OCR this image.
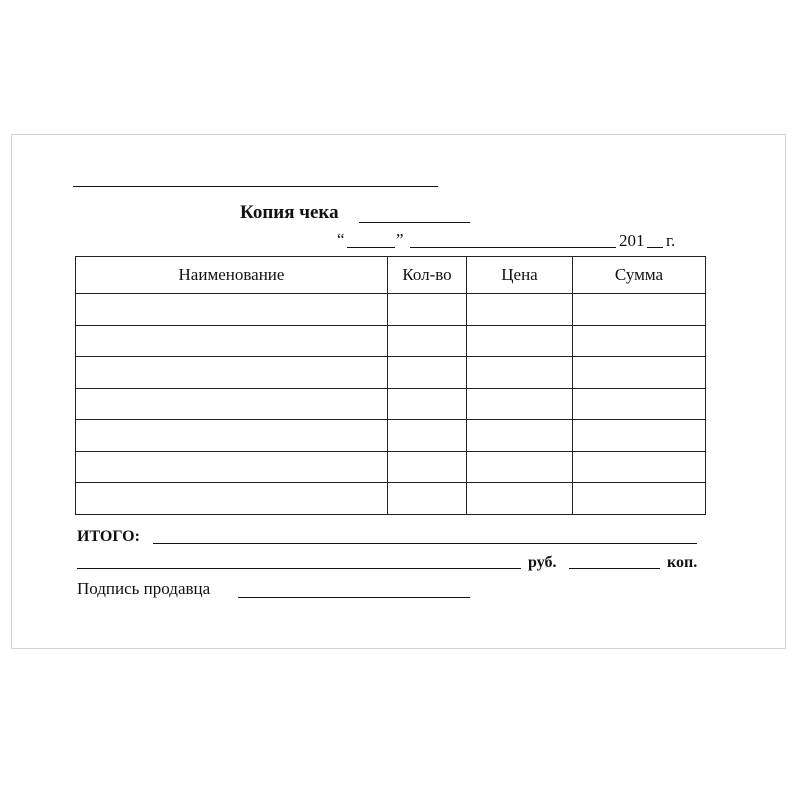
Копия чека
“	”	201 г.
Наименование	Кол-во	Цена	Сумма

ИТОГО:
руб.	коп.
Подпись продавца
